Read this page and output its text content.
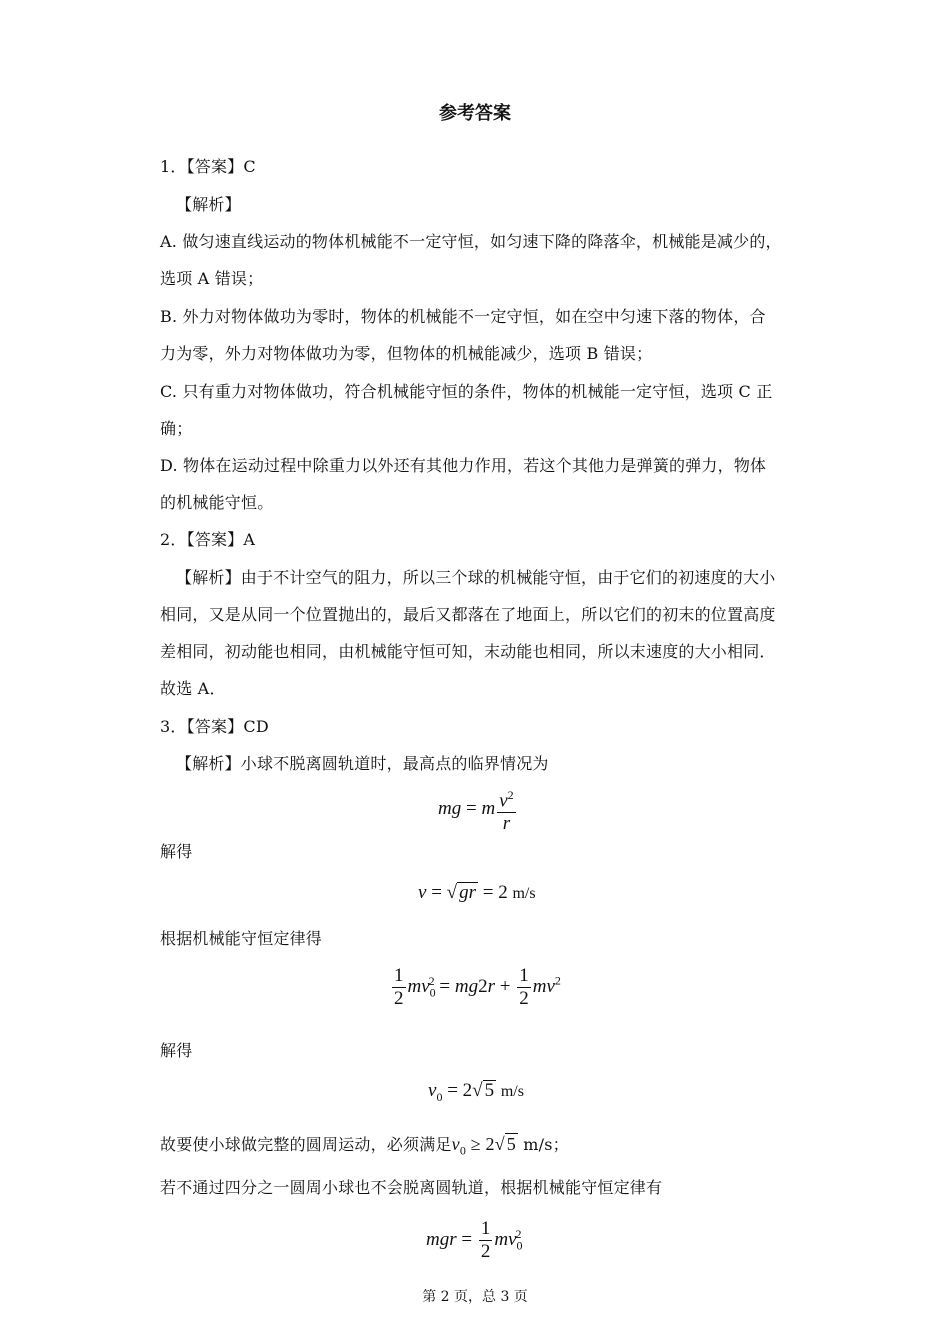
参考答案
1．【答案】C
【解析】
A. 做匀速直线运动的物体机械能不一定守恒，如匀速下降的降落伞，机械能是减少的，
选项 A 错误；
B. 外力对物体做功为零时，物体的机械能不一定守恒，如在空中匀速下落的物体，合
力为零，外力对物体做功为零，但物体的机械能减少，选项 B 错误；
C. 只有重力对物体做功，符合机械能守恒的条件，物体的机械能一定守恒，选项 C 正
确；
D. 物体在运动过程中除重力以外还有其他力作用，若这个其他力是弹簧的弹力，物体
的机械能守恒。
2．【答案】A
【解析】由于不计空气的阻力，所以三个球的机械能守恒，由于它们的初速度的大小
相同，又是从同一个位置抛出的，最后又都落在了地面上，所以它们的初末的位置高度
差相同，初动能也相同，由机械能守恒可知，末动能也相同，所以末速度的大小相同．
故选 A．
3．【答案】CD
【解析】小球不脱离圆轨道时，最高点的临界情况为
mg = m $\frac{v^2}{r}$
解得
v = √ gr = 2 m/s
根据机械能守恒定律得
$\frac{1}{2} mv_0^2 = mg2r + \frac{1}{2} mv^2$
解得
$v_0 = 2√$ 5 m/s
故要使小球做完整的圆周运动，必须满足$v_0 \ge 2√$ 5 m/s；
若不通过四分之一圆周小球也不会脱离圆轨道，根据机械能守恒定律有
mgr = $\frac{1}{2} mv_0^2$
第 2 页，总 3 页
